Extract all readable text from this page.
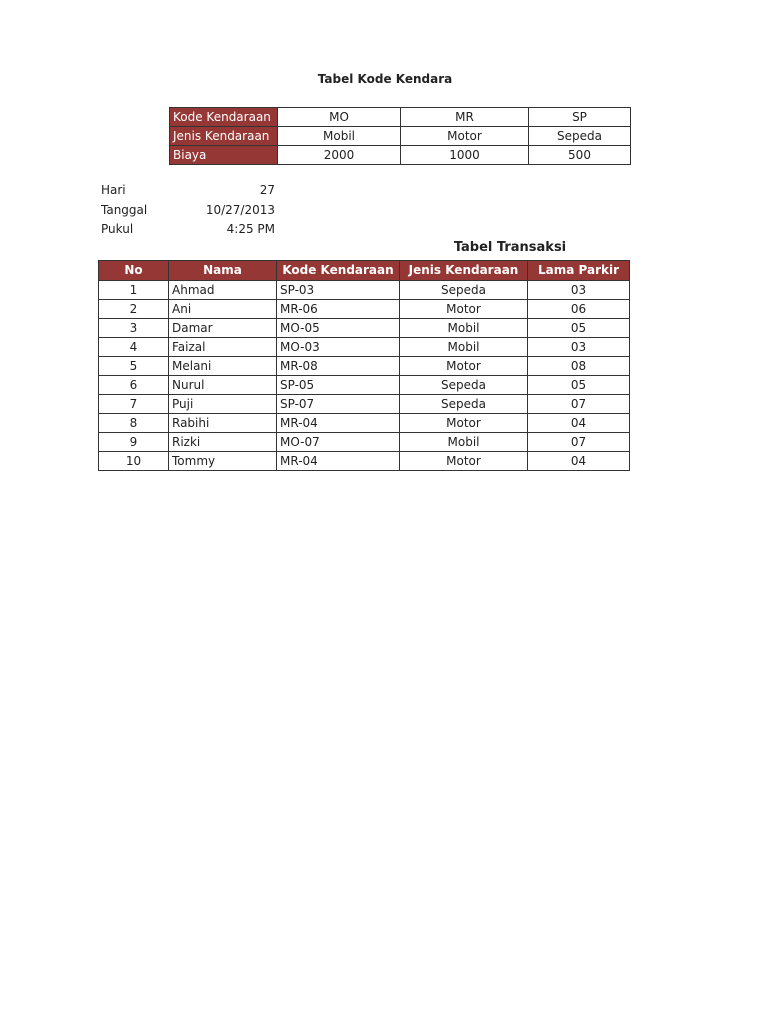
Tabel Kode Kendara
Kode Kendaraan	MO	MR	SP
Jenis Kendaraan	Mobil	Motor	Sepeda
Biaya	2000	1000	500
Hari	27
Tanggal	10/27/2013
Pukul	4:25 PM
Tabel Transaksi
No	Nama	Kode Kendaraan	Jenis Kendaraan	Lama Parkir
1	Ahmad	SP-03	Sepeda	03
2	Ani	MR-06	Motor	06
3	Damar	MO-05	Mobil	05
4	Faizal	MO-03	Mobil	03
5	Melani	MR-08	Motor	08
6	Nurul	SP-05	Sepeda	05
7	Puji	SP-07	Sepeda	07
8	Rabihi	MR-04	Motor	04
9	Rizki	MO-07	Mobil	07
10	Tommy	MR-04	Motor	04
